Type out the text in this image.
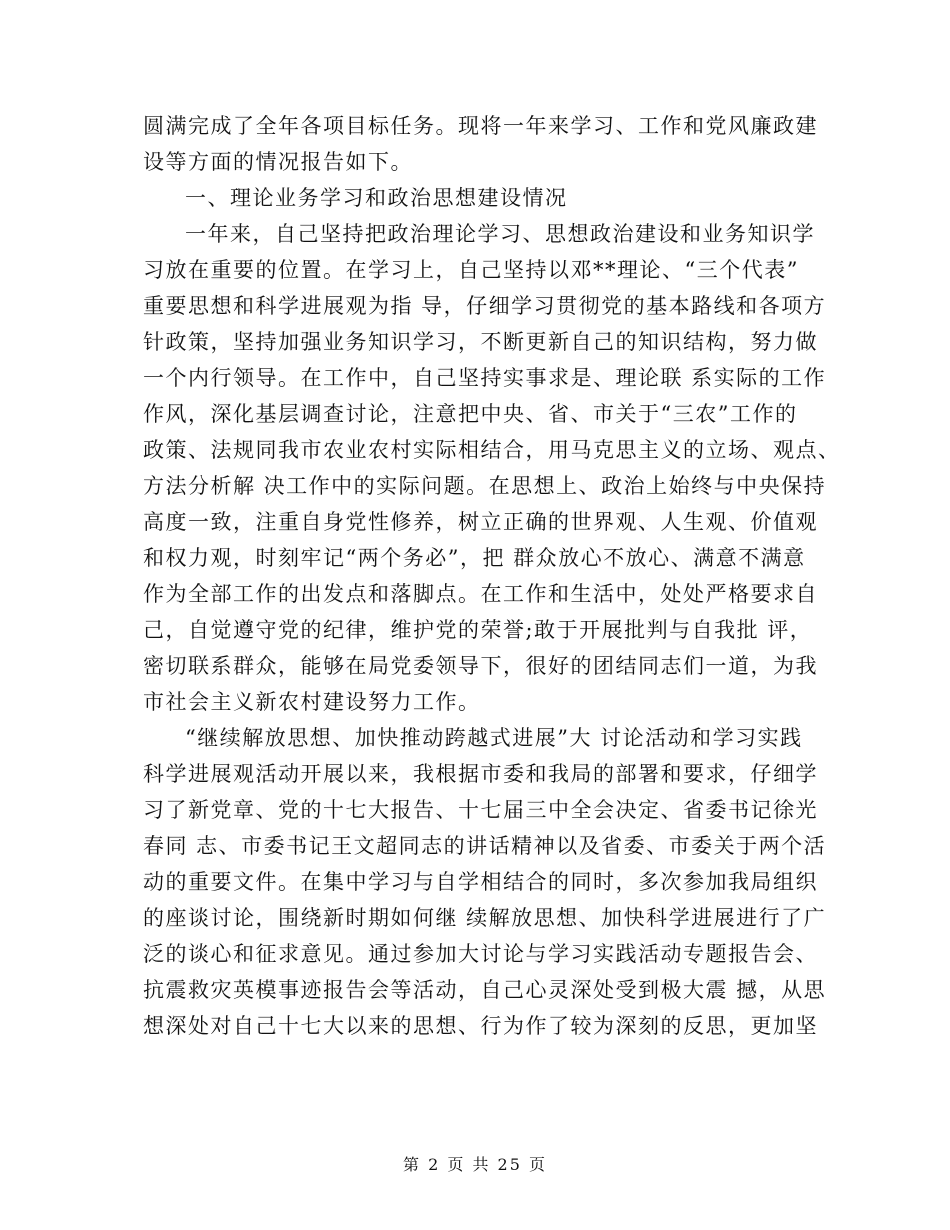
圆满完成了全年各项目标任务。现将一年来学习、工作和党风廉政建
设等方面的情况报告如下。
一、理论业务学习和政治思想建设情况
一年来，自己坚持把政治理论学习、思想政治建设和业务知识学
习放在重要的位置。在学习上，自己坚持以邓**理论、“三个代表”
重要思想和科学进展观为指 导，仔细学习贯彻党的基本路线和各项方
针政策，坚持加强业务知识学习，不断更新自己的知识结构，努力做
一个内行领导。在工作中，自己坚持实事求是、理论联 系实际的工作
作风，深化基层调查讨论，注意把中央、省、市关于“三农”工作的
政策、法规同我市农业农村实际相结合，用马克思主义的立场、观点、
方法分析解 决工作中的实际问题。在思想上、政治上始终与中央保持
高度一致，注重自身党性修养，树立正确的世界观、人生观、价值观
和权力观，时刻牢记“两个务必”，把 群众放心不放心、满意不满意
作为全部工作的出发点和落脚点。在工作和生活中，处处严格要求自
己，自觉遵守党的纪律，维护党的荣誉;敢于开展批判与自我批 评，
密切联系群众，能够在局党委领导下，很好的团结同志们一道，为我
市社会主义新农村建设努力工作。
“继续解放思想、加快推动跨越式进展”大 讨论活动和学习实践
科学进展观活动开展以来，我根据市委和我局的部署和要求，仔细学
习了新党章、党的十七大报告、十七届三中全会决定、省委书记徐光
春同 志、市委书记王文超同志的讲话精神以及省委、市委关于两个活
动的重要文件。在集中学习与自学相结合的同时，多次参加我局组织
的座谈讨论，围绕新时期如何继 续解放思想、加快科学进展进行了广
泛的谈心和征求意见。通过参加大讨论与学习实践活动专题报告会、
抗震救灾英模事迹报告会等活动，自己心灵深处受到极大震 撼，从思
想深处对自己十七大以来的思想、行为作了较为深刻的反思，更加坚
第 2 页 共 25 页
